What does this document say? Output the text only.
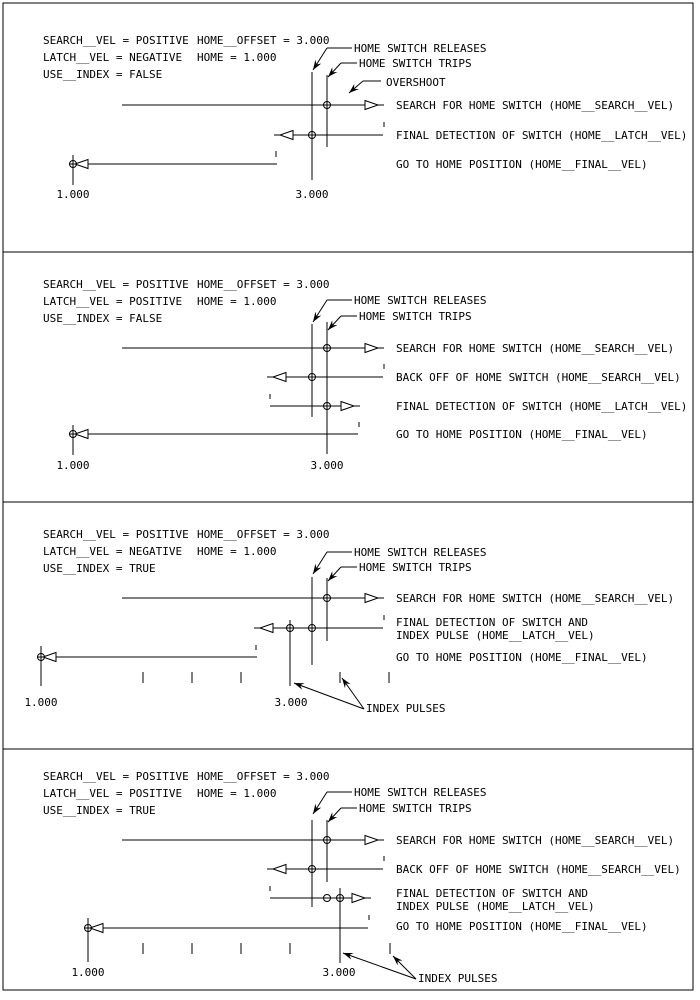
SEARCH__VEL = POSITIVE HOME__OFFSET = 3.000
LATCH__VEL = NEGATIVE HOME = 1.000
USE__INDEX = FALSE
HOME SWITCH RELEASES
HOME SWITCH TRIPS
OVERSHOOT
SEARCH FOR HOME SWITCH (HOME__SEARCH__VEL)
FINAL DETECTION OF SWITCH (HOME__LATCH__VEL)
GO TO HOME POSITION (HOME__FINAL__VEL)
1.000	3.000
SEARCH__VEL = POSITIVE HOME__OFFSET = 3.000
LATCH__VEL = POSITIVE HOME = 1.000
USE__INDEX = FALSE
HOME SWITCH RELEASES
HOME SWITCH TRIPS
SEARCH FOR HOME SWITCH (HOME__SEARCH__VEL)
BACK OFF OF HOME SWITCH (HOME__SEARCH__VEL)
FINAL DETECTION OF SWITCH (HOME__LATCH__VEL)
GO TO HOME POSITION (HOME__FINAL__VEL)
1.000	3.000
SEARCH__VEL = POSITIVE HOME__OFFSET = 3.000
LATCH__VEL = NEGATIVE HOME = 1.000
USE__INDEX = TRUE
HOME SWITCH RELEASES
HOME SWITCH TRIPS
SEARCH FOR HOME SWITCH (HOME__SEARCH__VEL)
FINAL DETECTION OF SWITCH AND
INDEX PULSE (HOME__LATCH__VEL)
GO TO HOME POSITION (HOME__FINAL__VEL)
INDEX PULSES
1.000	3.000
SEARCH__VEL = POSITIVE HOME__OFFSET = 3.000
LATCH__VEL = POSITIVE HOME = 1.000
USE__INDEX = TRUE
HOME SWITCH RELEASES
HOME SWITCH TRIPS
SEARCH FOR HOME SWITCH (HOME__SEARCH__VEL)
BACK OFF OF HOME SWITCH (HOME__SEARCH__VEL)
FINAL DETECTION OF SWITCH AND
INDEX PULSE (HOME__LATCH__VEL)
GO TO HOME POSITION (HOME__FINAL__VEL)
INDEX PULSES
1.000	3.000
